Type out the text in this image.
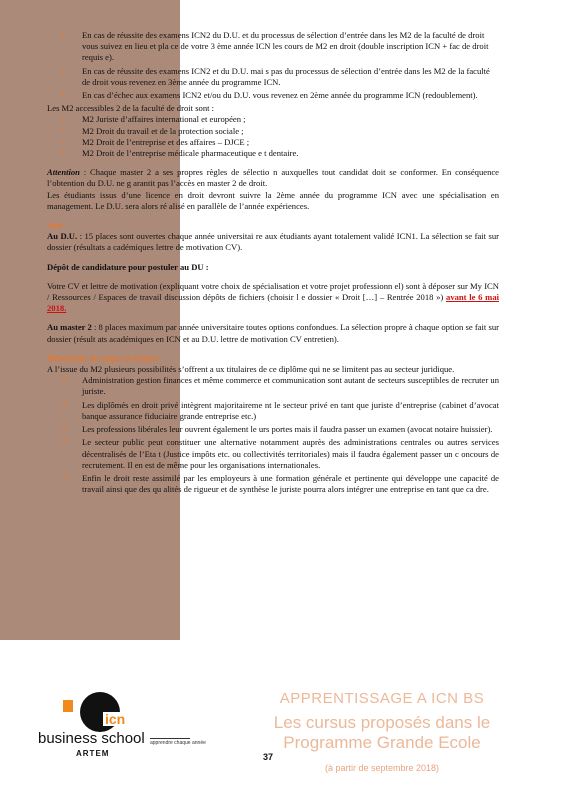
• En cas de réussite des examens ICN2 du D.U. et du processus de sélection d’entrée dans les M2 de la faculté de droit vous suivez en lieu et pla ce de votre 3 ème année ICN les cours de M2 en droit (double inscription ICN + fac de droit requis e).
• En cas de réussite des examens ICN2 et du D.U. mai s pas du processus de sélection d’entrée dans les M2 de la faculté de droit vous revenez en 3ème année du programme ICN.
• En cas d’échec aux examens ICN2 et/ou du D.U. vous revenez en 2ème année du programme ICN (redoublement).

Les M2 accessibles 2 de la faculté de droit sont :

• M2 Juriste d’affaires international et européen ;
• M2 Droit du travail et de la protection sociale ;
• M2 Droit de l’entreprise et des affaires – DJCE ;
• M2 Droit de l’entreprise médicale pharmaceutique e t dentaire.

Attention : Chaque master 2 a ses propres règles de sélectio n auxquelles tout candidat doit se conformer. En conséquence l’obtention du D.U. ne g arantit pas l’accès en master 2 de droit.

Les étudiants issus d’une licence en droit devront suivre la 2ème année du programme ICN avec une spécialisation en management. Le D.U. sera alors ré alisé en parallèle de l’année expériences.

Avis

Au D.U. : 15 places sont ouvertes chaque année universitai re aux étudiants ayant totalement validé ICN1. La sélection se fait sur dossier (résultats a cadémiques lettre de motivation CV).

Dépôt de candidature pour postuler au DU :

Votre CV et lettre de motivation (expliquant votre choix de spécialisation et votre projet professionn el) sont à déposer sur My ICN / Ressources / Espaces de travail discussion dépôts de fichiers (choisir l e dossier « Droit […] – Rentrée 2018 ») avant le 6 mai 2018.

Au master 2 : 8 places maximum par année universitaire toutes options confondues. La sélection propre à chaque option se fait sur dossier (résult ats académiques en ICN et au D.U. lettre de motivation CV entretien).

Débouchés de stages et métiers

A l’issue du M2 plusieurs possibilités s’offrent a ux titulaires de ce diplôme qui ne se limitent pas au secteur juridique.

? Administration gestion finances et même commerce et communication sont autant de secteurs susceptibles de recruter un juriste.
? Les diplômés en droit privé intègrent majoritaireme nt le secteur privé en tant que juriste d’entreprise (cabinet d’avocat banque assurance fiduciaire grande entreprise etc.)
? Les professions libérales leur ouvrent également le urs portes mais il faudra passer un examen (avocat notaire huissier).
? Le secteur public peut constituer une alternative notamment auprès des administrations centrales ou autres services décentralisés de l’Eta t (Justice impôts etc. ou collectivités territoriales) mais il faudra également passer un c oncours de recrutement. Il en est de même pour les organisations internationales.
? Enfin le droit reste assimilé par les employeurs à une formation générale et pertinente qui développe une capacité de travail ainsi que des qu alités de rigueur et de synthèse le juriste pourra alors intégrer une entreprise en tant que ca dre.
icn
business school
ARTEM
apprendre chaque année
APPRENTISSAGE A ICN BS
Les cursus proposés dans le Programme Grande Ecole
(à partir de septembre 2018)
37
